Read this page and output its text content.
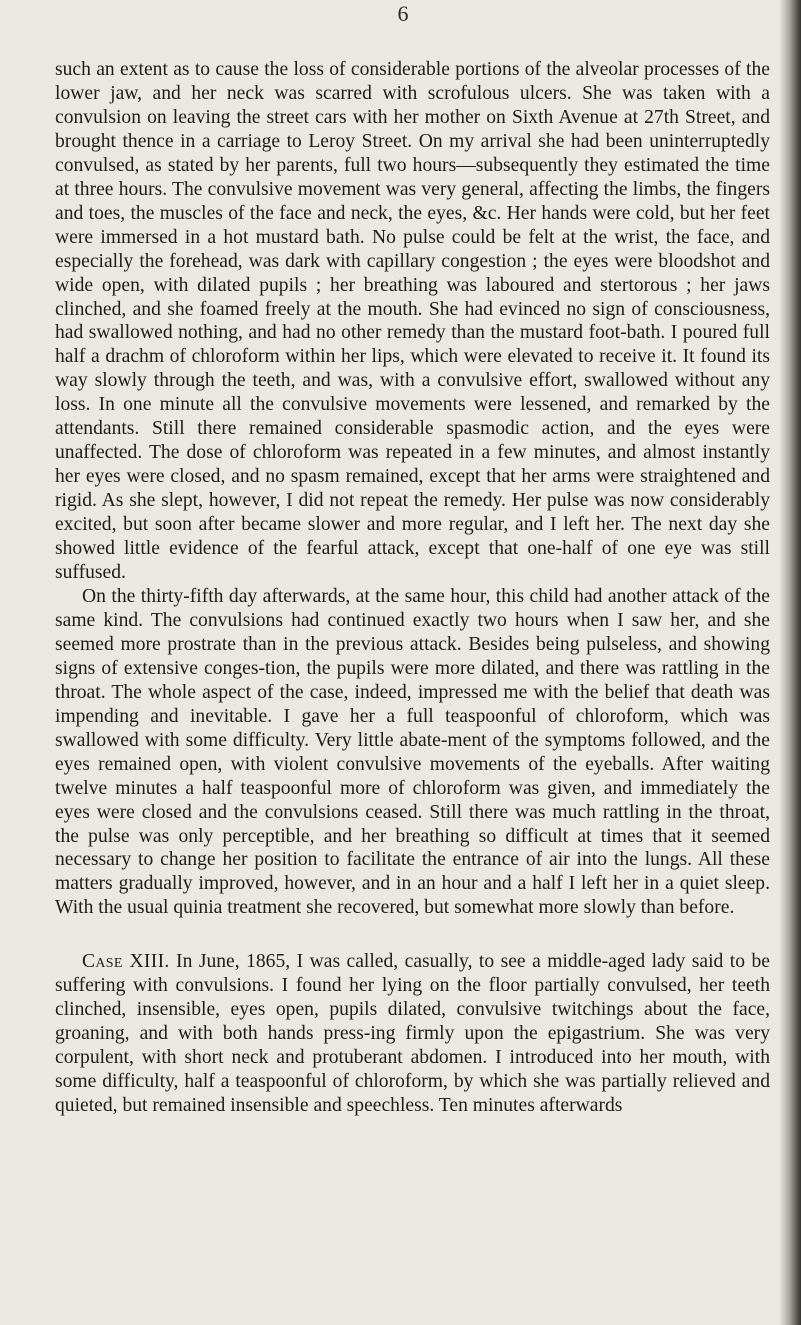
6

such an extent as to cause the loss of considerable portions of the alveolar processes of the lower jaw, and her neck was scarred with scrofulous ulcers. She was taken with a convulsion on leaving the street cars with her mother on Sixth Avenue at 27th Street, and brought thence in a carriage to Leroy Street. On my arrival she had been uninterruptedly convulsed, as stated by her parents, full two hours—subsequently they estimated the time at three hours. The convulsive movement was very general, affecting the limbs, the fingers and toes, the muscles of the face and neck, the eyes, &c. Her hands were cold, but her feet were immersed in a hot mustard bath. No pulse could be felt at the wrist, the face, and especially the forehead, was dark with capillary congestion ; the eyes were bloodshot and wide open, with dilated pupils ; her breathing was laboured and stertorous ; her jaws clinched, and she foamed freely at the mouth. She had evinced no sign of consciousness, had swallowed nothing, and had no other remedy than the mustard foot-bath. I poured full half a drachm of chloroform within her lips, which were elevated to receive it. It found its way slowly through the teeth, and was, with a convulsive effort, swallowed without any loss. In one minute all the convulsive movements were lessened, and remarked by the attendants. Still there remained considerable spasmodic action, and the eyes were unaffected. The dose of chloroform was repeated in a few minutes, and almost instantly her eyes were closed, and no spasm remained, except that her arms were straightened and rigid. As she slept, however, I did not repeat the remedy. Her pulse was now considerably excited, but soon after became slower and more regular, and I left her. The next day she showed little evidence of the fearful attack, except that one-half of one eye was still suffused.

On the thirty-fifth day afterwards, at the same hour, this child had another attack of the same kind. The convulsions had continued exactly two hours when I saw her, and she seemed more prostrate than in the previous attack. Besides being pulseless, and showing signs of extensive conges-tion, the pupils were more dilated, and there was rattling in the throat. The whole aspect of the case, indeed, impressed me with the belief that death was impending and inevitable. I gave her a full teaspoonful of chloroform, which was swallowed with some difficulty. Very little abate-ment of the symptoms followed, and the eyes remained open, with violent convulsive movements of the eyeballs. After waiting twelve minutes a half teaspoonful more of chloroform was given, and immediately the eyes were closed and the convulsions ceased. Still there was much rattling in the throat, the pulse was only perceptible, and her breathing so difficult at times that it seemed necessary to change her position to facilitate the entrance of air into the lungs. All these matters gradually improved, however, and in an hour and a half I left her in a quiet sleep. With the usual quinia treatment she recovered, but somewhat more slowly than before.

Case XIII. In June, 1865, I was called, casually, to see a middle-aged lady said to be suffering with convulsions. I found her lying on the floor partially convulsed, her teeth clinched, insensible, eyes open, pupils dilated, convulsive twitchings about the face, groaning, and with both hands press-ing firmly upon the epigastrium. She was very corpulent, with short neck and protuberant abdomen. I introduced into her mouth, with some difficulty, half a teaspoonful of chloroform, by which she was partially relieved and quieted, but remained insensible and speechless. Ten minutes afterwards
